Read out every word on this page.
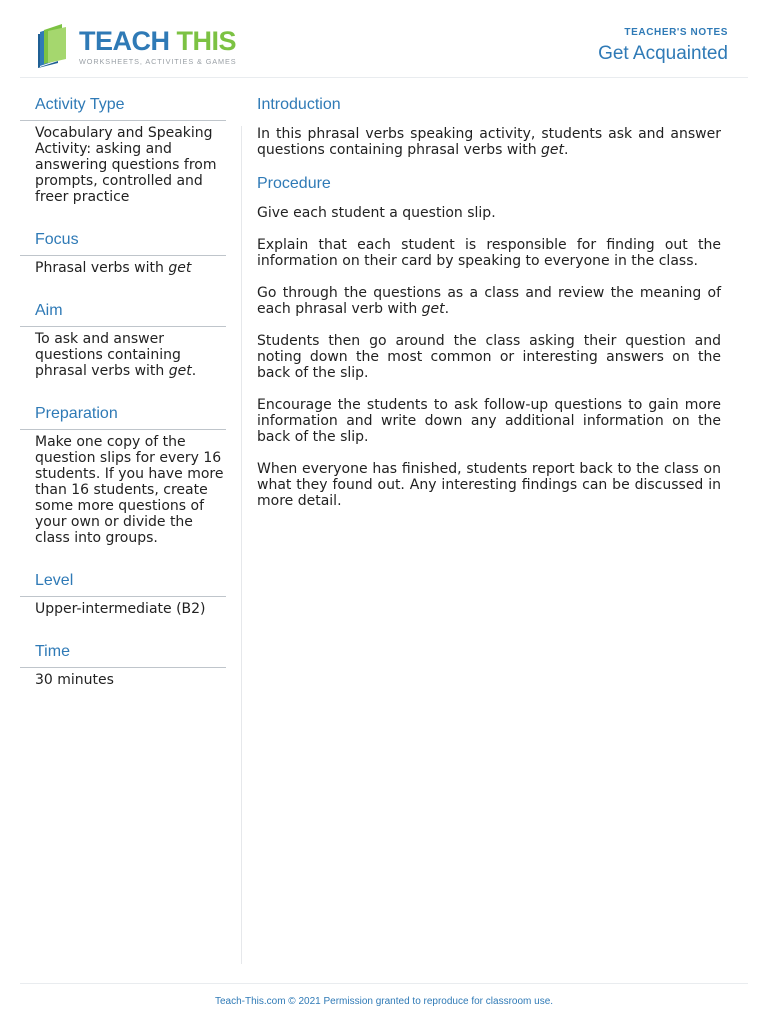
TEACH THIS
WORKSHEETS, ACTIVITIES & GAMES
TEACHER'S NOTES
Get Acquainted
Activity Type
Vocabulary and Speaking Activity: asking and answering questions from prompts, controlled and freer practice
Focus
Phrasal verbs with get
Aim
To ask and answer questions containing phrasal verbs with get.
Preparation
Make one copy of the question slips for every 16 students. If you have more than 16 students, create some more questions of your own or divide the class into groups.
Level
Upper-intermediate (B2)
Time
30 minutes
Introduction

In this phrasal verbs speaking activity, students ask and answer questions containing phrasal verbs with get.

Procedure

Give each student a question slip.

Explain that each student is responsible for finding out the information on their card by speaking to everyone in the class.

Go through the questions as a class and review the meaning of each phrasal verb with get.

Students then go around the class asking their question and noting down the most common or interesting answers on the back of the slip.

Encourage the students to ask follow-up questions to gain more information and write down any additional information on the back of the slip.

When everyone has finished, students report back to the class on what they found out. Any interesting findings can be discussed in more detail.

Teach-This.com © 2021 Permission granted to reproduce for classroom use.
